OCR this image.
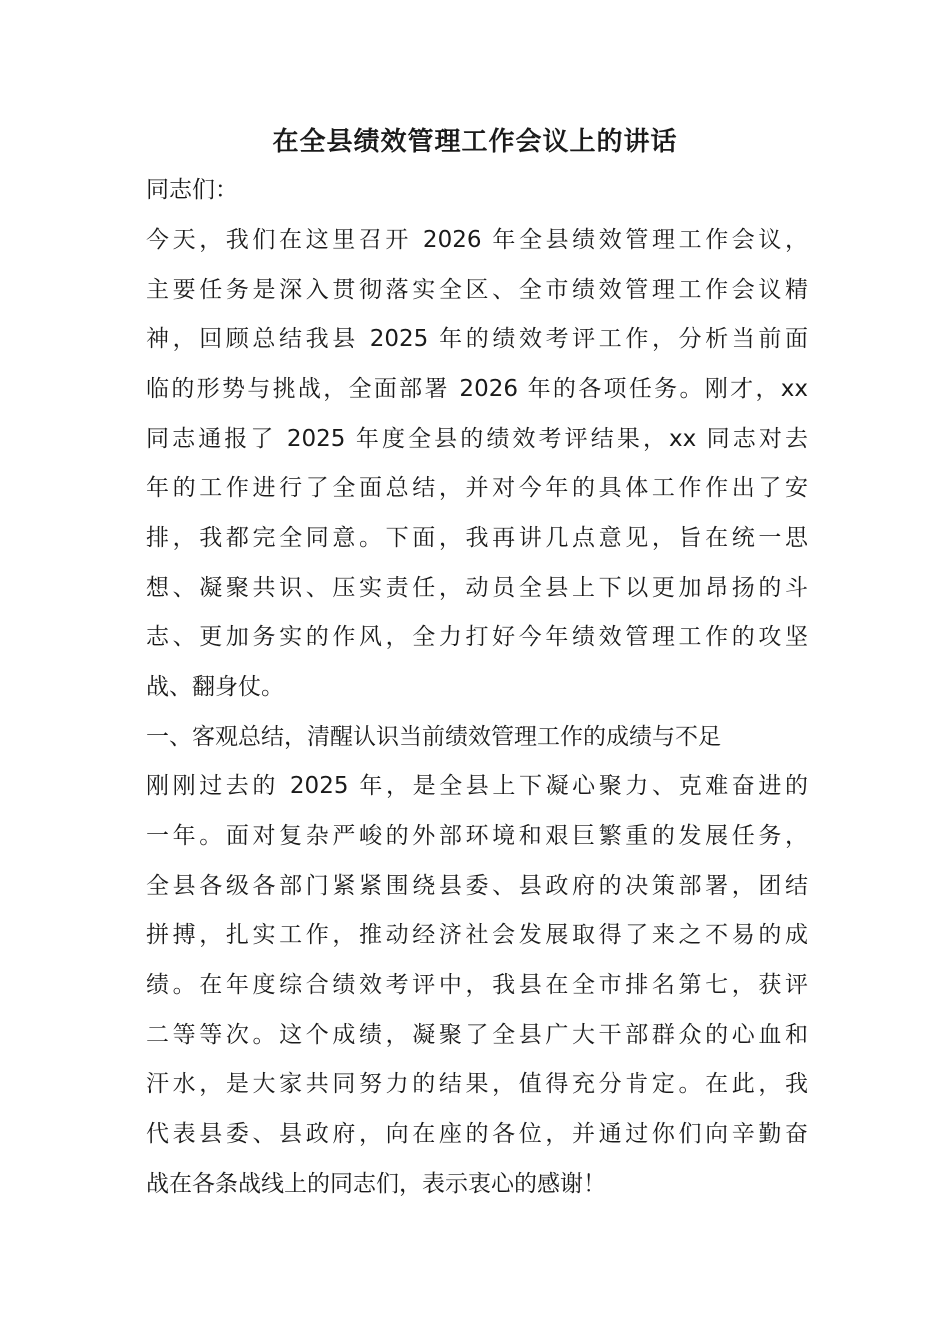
在全县绩效管理工作会议上的讲话
同志们：
今天，我们在这里召开 2026 年全县绩效管理工作会议，
主要任务是深入贯彻落实全区、全市绩效管理工作会议精
神，回顾总结我县 2025 年的绩效考评工作，分析当前面
临的形势与挑战，全面部署 2026 年的各项任务。刚才，xx
同志通报了 2025 年度全县的绩效考评结果，xx 同志对去
年的工作进行了全面总结，并对今年的具体工作作出了安
排，我都完全同意。下面，我再讲几点意见，旨在统一思
想、凝聚共识、压实责任，动员全县上下以更加昂扬的斗
志、更加务实的作风，全力打好今年绩效管理工作的攻坚
战、翻身仗。
一、客观总结，清醒认识当前绩效管理工作的成绩与不足
刚刚过去的 2025 年，是全县上下凝心聚力、克难奋进的
一年。面对复杂严峻的外部环境和艰巨繁重的发展任务，
全县各级各部门紧紧围绕县委、县政府的决策部署，团结
拼搏，扎实工作，推动经济社会发展取得了来之不易的成
绩。在年度综合绩效考评中，我县在全市排名第七，获评
二等等次。这个成绩，凝聚了全县广大干部群众的心血和
汗水，是大家共同努力的结果，值得充分肯定。在此，我
代表县委、县政府，向在座的各位，并通过你们向辛勤奋
战在各条战线上的同志们，表示衷心的感谢！
